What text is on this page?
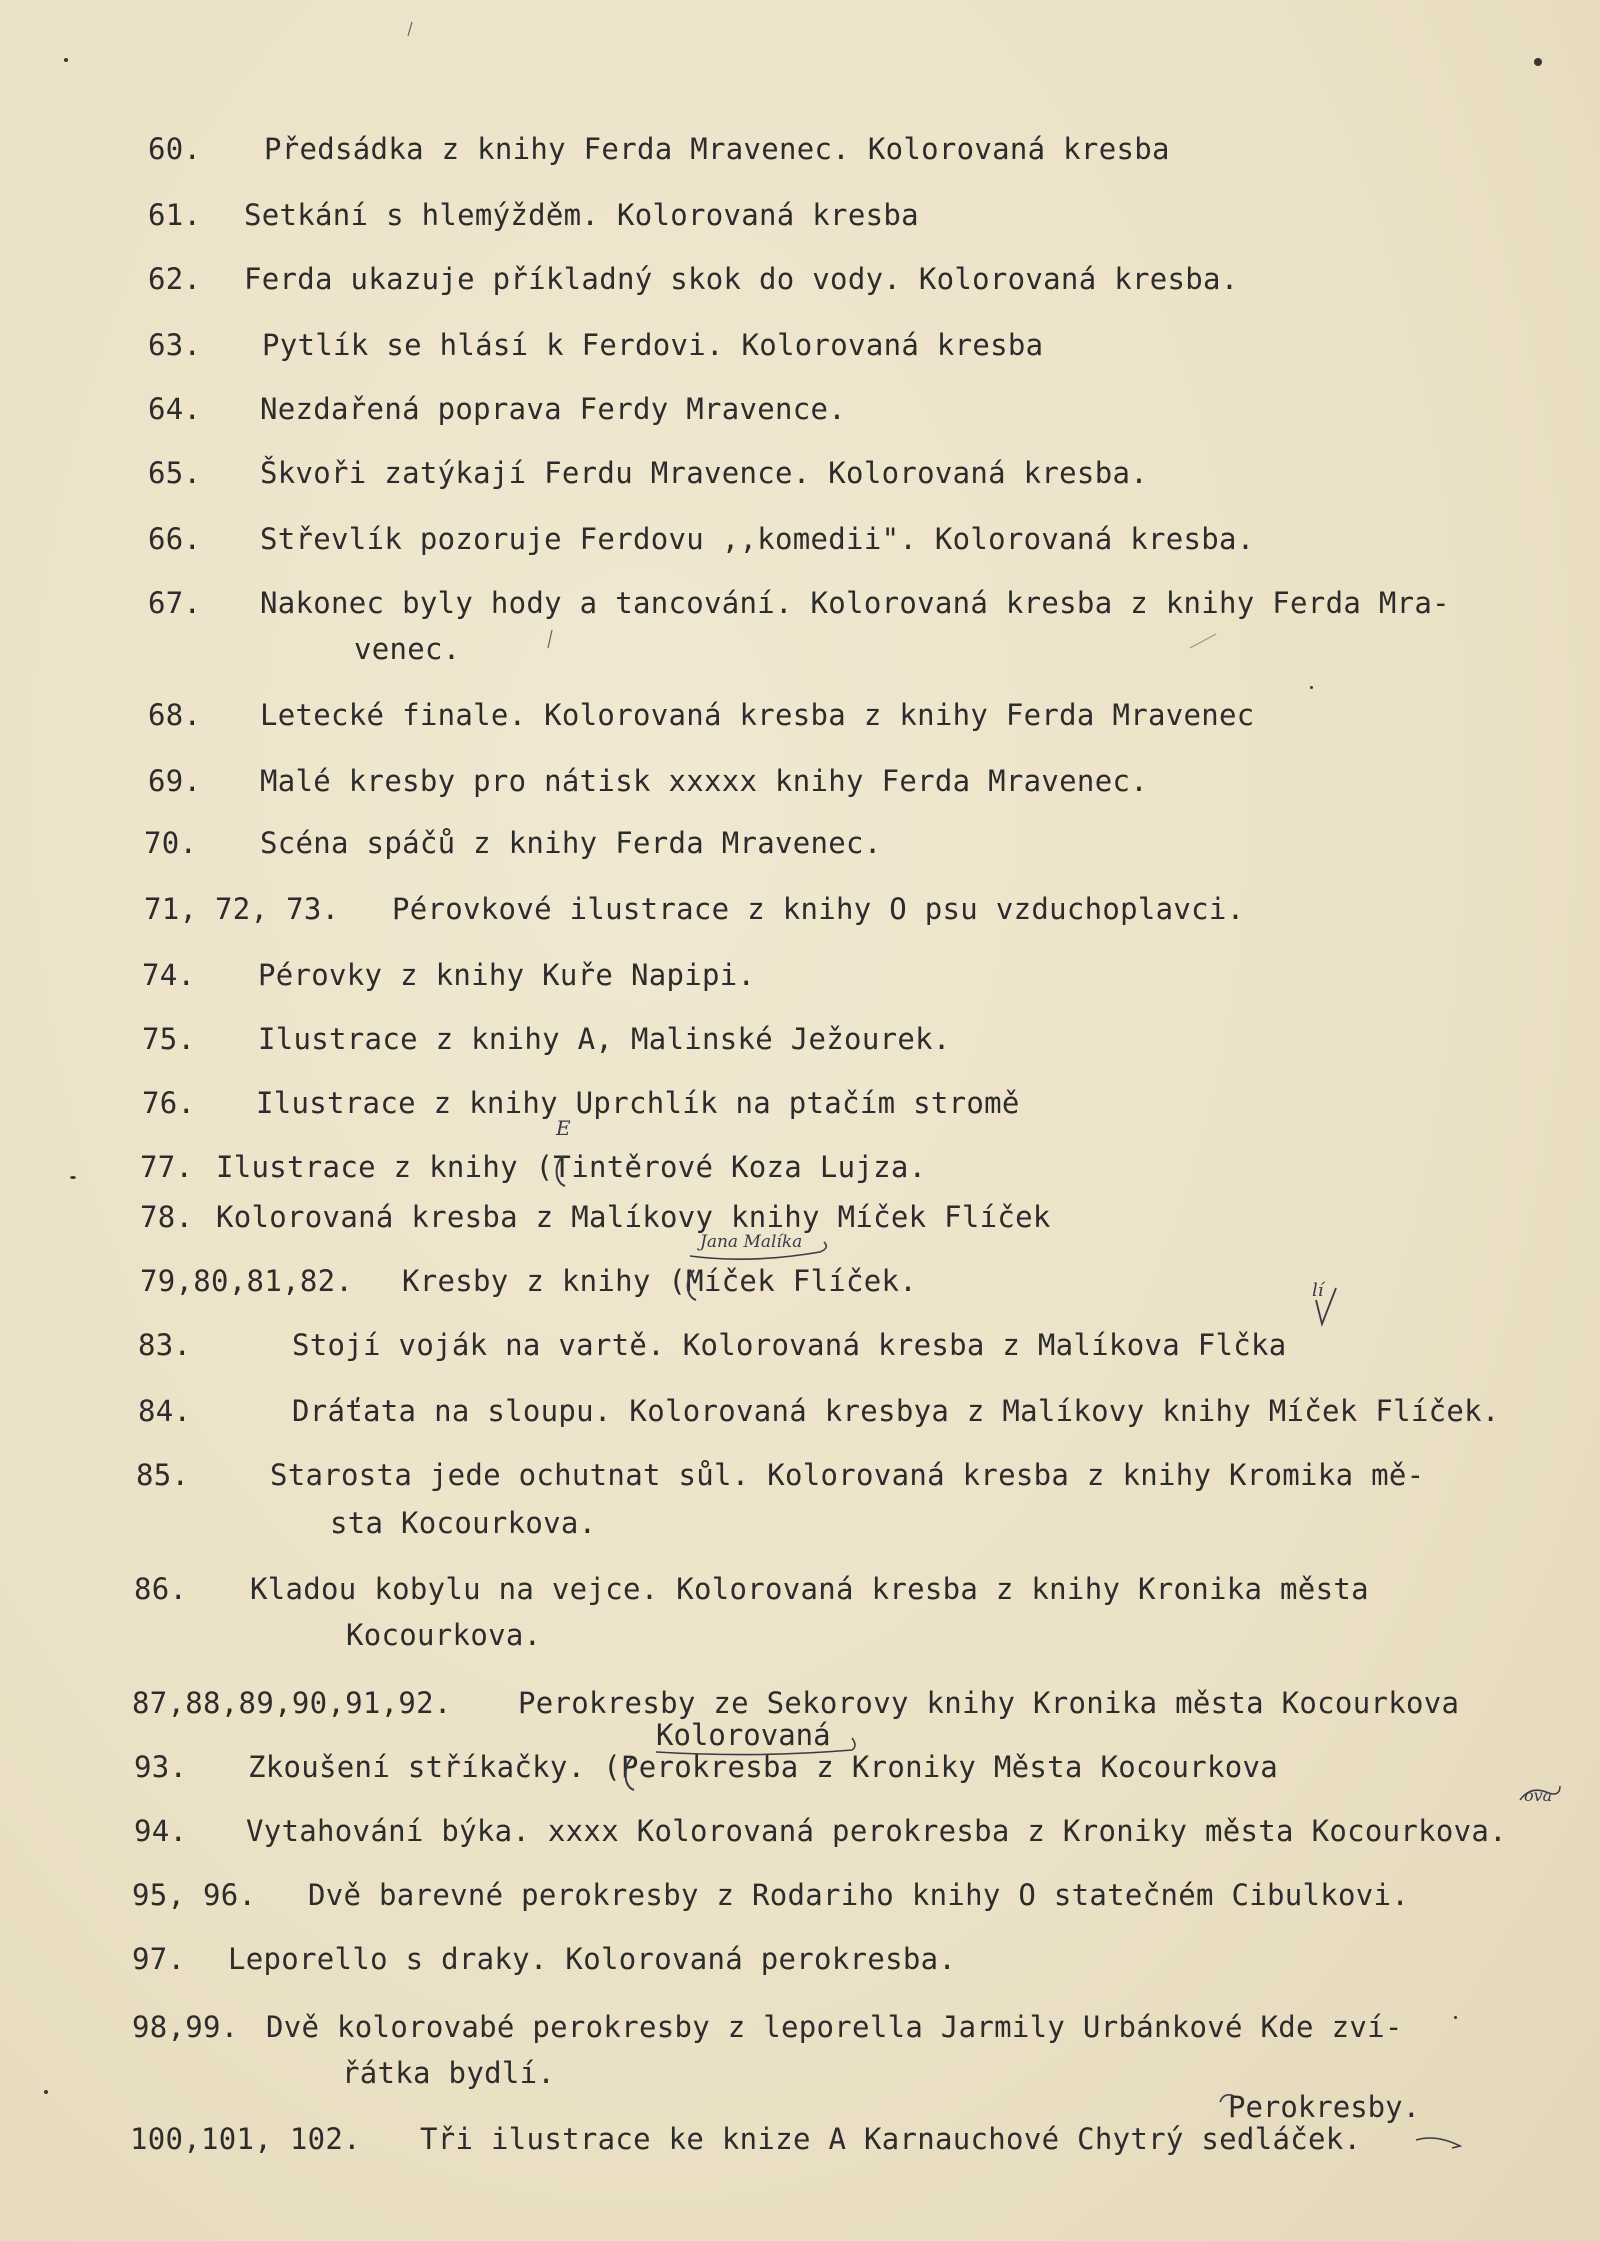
60. Předsádka z knihy Ferda Mravenec. Kolorovaná kresba
61. Setkání s hlemýžděm. Kolorovaná kresba
62. Ferda ukazuje příkladný skok do vody. Kolorovaná kresba.
63. Pytlík se hlásí k Ferdovi. Kolorovaná kresba
64. Nezdařená poprava Ferdy Mravence.
65. Škvoři zatýkají Ferdu Mravence. Kolorovaná kresba.
66. Střevlík pozoruje Ferdovu ,,komedii". Kolorovaná kresba.
67. Nakonec byly hody a tancování. Kolorovaná kresba z knihy Ferda Mra-
venec.
68. Letecké finale. Kolorovaná kresba z knihy Ferda Mravenec
69. Malé kresby pro nátisk xxxxx knihy Ferda Mravenec.
70. Scéna spáčů z knihy Ferda Mravenec.
71, 72, 73. Pérovkové ilustrace z knihy O psu vzduchoplavci.
74. Pérovky z knihy Kuře Napipi.
75. Ilustrace z knihy A, Malinské Ježourek.
76. Ilustrace z knihy Uprchlík na ptačím stromě
77. Ilustrace z knihy (Tintěrové Koza Lujza.
78. Kolorovaná kresba z Malíkovy knihy Míček Flíček
79,80,81,82. Kresby z knihy (Míček Flíček.
83.	Stojí voják na vartě. Kolorovaná kresba z Malíkova Flčka
84.	Dráťata na sloupu. Kolorovaná kresbya z Malíkovy knihy Míček Flíček.
85.	Starosta jede ochutnat sůl. Kolorovaná kresba z knihy Kromika mě-
sta Kocourkova.
86. Kladou kobylu na vejce. Kolorovaná kresba z knihy Kronika města
Kocourkova.
87,88,89,90,91,92. Perokresby ze Sekorovy knihy Kronika města Kocourkova
93. Zkoušení stříkačky. (Perokresba z Kroniky Města Kocourkova
94. Vytahování býka. xxxx Kolorovaná perokresba z Kroniky města Kocourkova.
95, 96. Dvě barevné perokresby z Rodariho knihy O statečném Cibulkovi.
97. Leporello s draky. Kolorovaná perokresba.
98,99. Dvě kolorovabé perokresby z leporella Jarmily Urbánkové Kde zví-
řátka bydlí.
100,101, 102. Tři ilustrace ke knize A Karnauchové Chytrý sedláček.
E
Jana Malíka
lí
Kolorovaná
ova
Perokresby.
